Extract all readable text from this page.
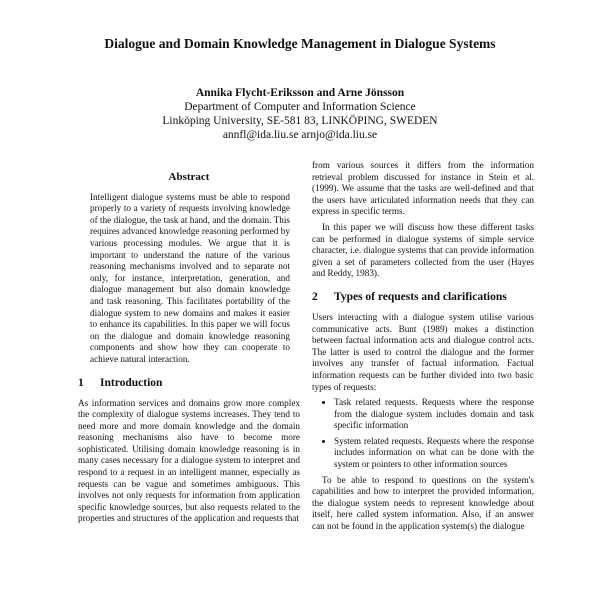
Dialogue and Domain Knowledge Management in Dialogue Systems
Annika Flycht-Eriksson and Arne Jönsson
Department of Computer and Information Science
Linköping University, SE-581 83, LINKÖPING, SWEDEN
annfl@ida.liu.se arnjo@ida.liu.se
Abstract

Intelligent dialogue systems must be able to respond properly to a variety of requests involving knowledge of the dialogue, the task at hand, and the domain. This requires advanced knowledge reasoning performed by various processing modules. We argue that it is important to understand the nature of the various reasoning mechanisms involved and to separate not only, for instance, interpretation, generation, and dialogue management but also domain knowledge and task reasoning. This facilitates portability of the dialogue system to new domains and makes it easier to enhance its capabilities. In this paper we will focus on the dialogue and domain knowledge reasoning components and show how they can cooperate to achieve natural interaction.

1	Introduction

As information services and domains grow more complex the complexity of dialogue systems increases. They tend to need more and more domain knowledge and the domain reasoning mechanisms also have to become more sophisticated. Utilising domain knowledge reasoning is in many cases necessary for a dialogue system to interpret and respond to a request in an intelligent manner, especially as requests can be vague and sometimes ambiguous. This involves not only requests for information from application specific knowledge sources, but also requests related to the properties and structures of the application and requests that

from various sources it differs from the information retrieval problem discussed for instance in Stein et al. (1999). We assume that the tasks are well-defined and that the users have articulated information needs that they can express in specific terms.

In this paper we will discuss how these different tasks can be performed in dialogue systems of simple service character, i.e. dialogue systems that can provide information given a set of parameters collected from the user (Hayes and Reddy, 1983).

2	Types of requests and clarifications

Users interacting with a dialogue system utilise various communicative acts. Bunt (1989) makes a distinction between factual information acts and dialogue control acts. The latter is used to control the dialogue and the former involves any transfer of factual information. Factual information requests can be further divided into two basic types of requests:

• Task related requests. Requests where the response from the dialogue system includes domain and task specific information
• System related requests. Requests where the response includes information on what can be done with the system or pointers to other information sources

To be able to respond to questions on the system's capabilities and how to interpret the provided information, the dialogue system needs to represent knowledge about itself, here called system information. Also, if an answer can not be found in the application system(s) the dialogue
